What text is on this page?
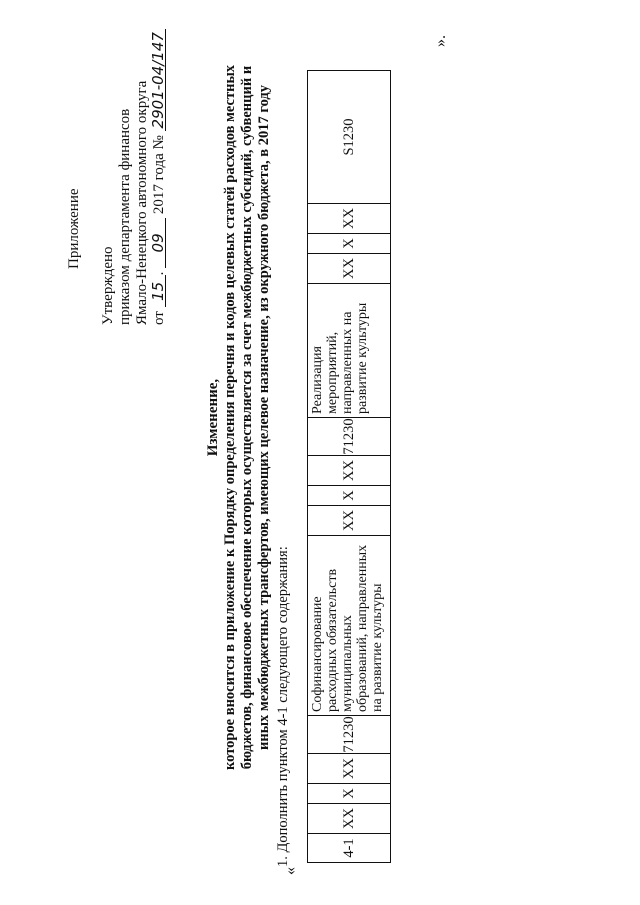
Приложение
Утверждено приказом департамента финансов Ямало-Ненецкого автономного округа от 15. 09 2017 года № 2901-04/147
Изменение, которое вносится в приложение к Порядку определения перечня и кодов целевых статей расходов местных бюджетов, финансовое обеспечение которых осуществляется за счет межбюджетных субсидий, субвенций и иных межбюджетных трансфертов, имеющих целевое назначение, из окружного бюджета, в 2017 году 1. Дополнить пунктом 4-1 следующего содержания:
«
4-1	XX	X	XX	71230	Софинансирование расходных обязательств муниципальных образований, направленных на развитие культуры	XX	X	XX	71230	Реализация мероприятий, направленных на развитие культуры	XX	X	XX	S1230
».
